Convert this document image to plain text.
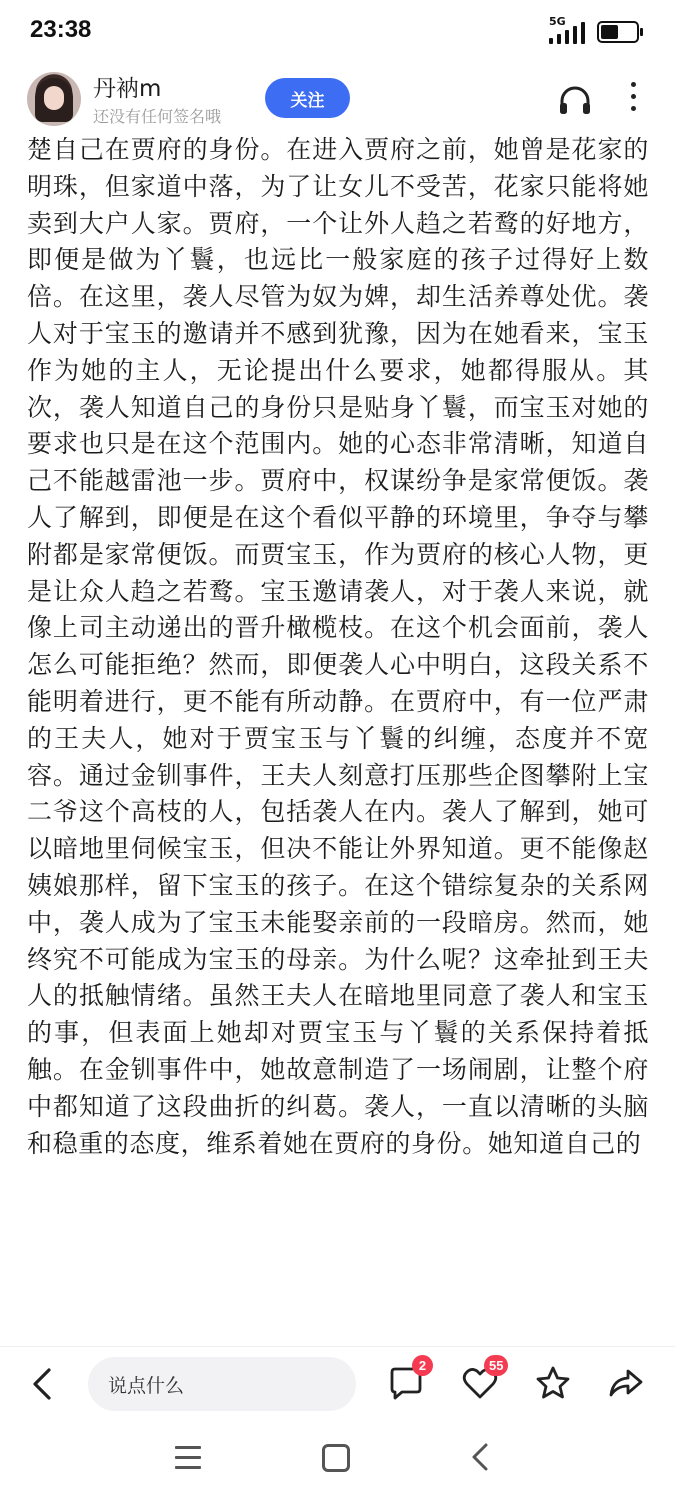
23:38	5G
丹衲m
还没有任何签名哦
关注

楚自己在贾府的身份。在进入贾府之前，她曾是花家的明珠，但家道中落，为了让女儿不受苦，花家只能将她卖到大户人家。贾府，一个让外人趋之若鹜的好地方，即便是做为丫鬟，也远比一般家庭的孩子过得好上数倍。在这里，袭人尽管为奴为婢，却生活养尊处优。袭人对于宝玉的邀请并不感到犹豫，因为在她看来，宝玉作为她的主人，无论提出什么要求，她都得服从。其次，袭人知道自己的身份只是贴身丫鬟，而宝玉对她的要求也只是在这个范围内。她的心态非常清晰，知道自己不能越雷池一步。贾府中，权谋纷争是家常便饭。袭人了解到，即便是在这个看似平静的环境里，争夺与攀附都是家常便饭。而贾宝玉，作为贾府的核心人物，更是让众人趋之若鹜。宝玉邀请袭人，对于袭人来说，就像上司主动递出的晋升橄榄枝。在这个机会面前，袭人怎么可能拒绝？然而，即便袭人心中明白，这段关系不能明着进行，更不能有所动静。在贾府中，有一位严肃的王夫人，她对于贾宝玉与丫鬟的纠缠，态度并不宽容。通过金钏事件，王夫人刻意打压那些企图攀附上宝二爷这个高枝的人，包括袭人在内。袭人了解到，她可以暗地里伺候宝玉，但决不能让外界知道。更不能像赵姨娘那样，留下宝玉的孩子。在这个错综复杂的关系网中，袭人成为了宝玉未能娶亲前的一段暗房。然而，她终究不可能成为宝玉的母亲。为什么呢？这牵扯到王夫人的抵触情绪。虽然王夫人在暗地里同意了袭人和宝玉的事，但表面上她却对贾宝玉与丫鬟的关系保持着抵触。在金钏事件中，她故意制造了一场闹剧，让整个府中都知道了这段曲折的纠葛。袭人，一直以清晰的头脑和稳重的态度，维系着她在贾府的身份。她知道自己的

说点什么
2	55
